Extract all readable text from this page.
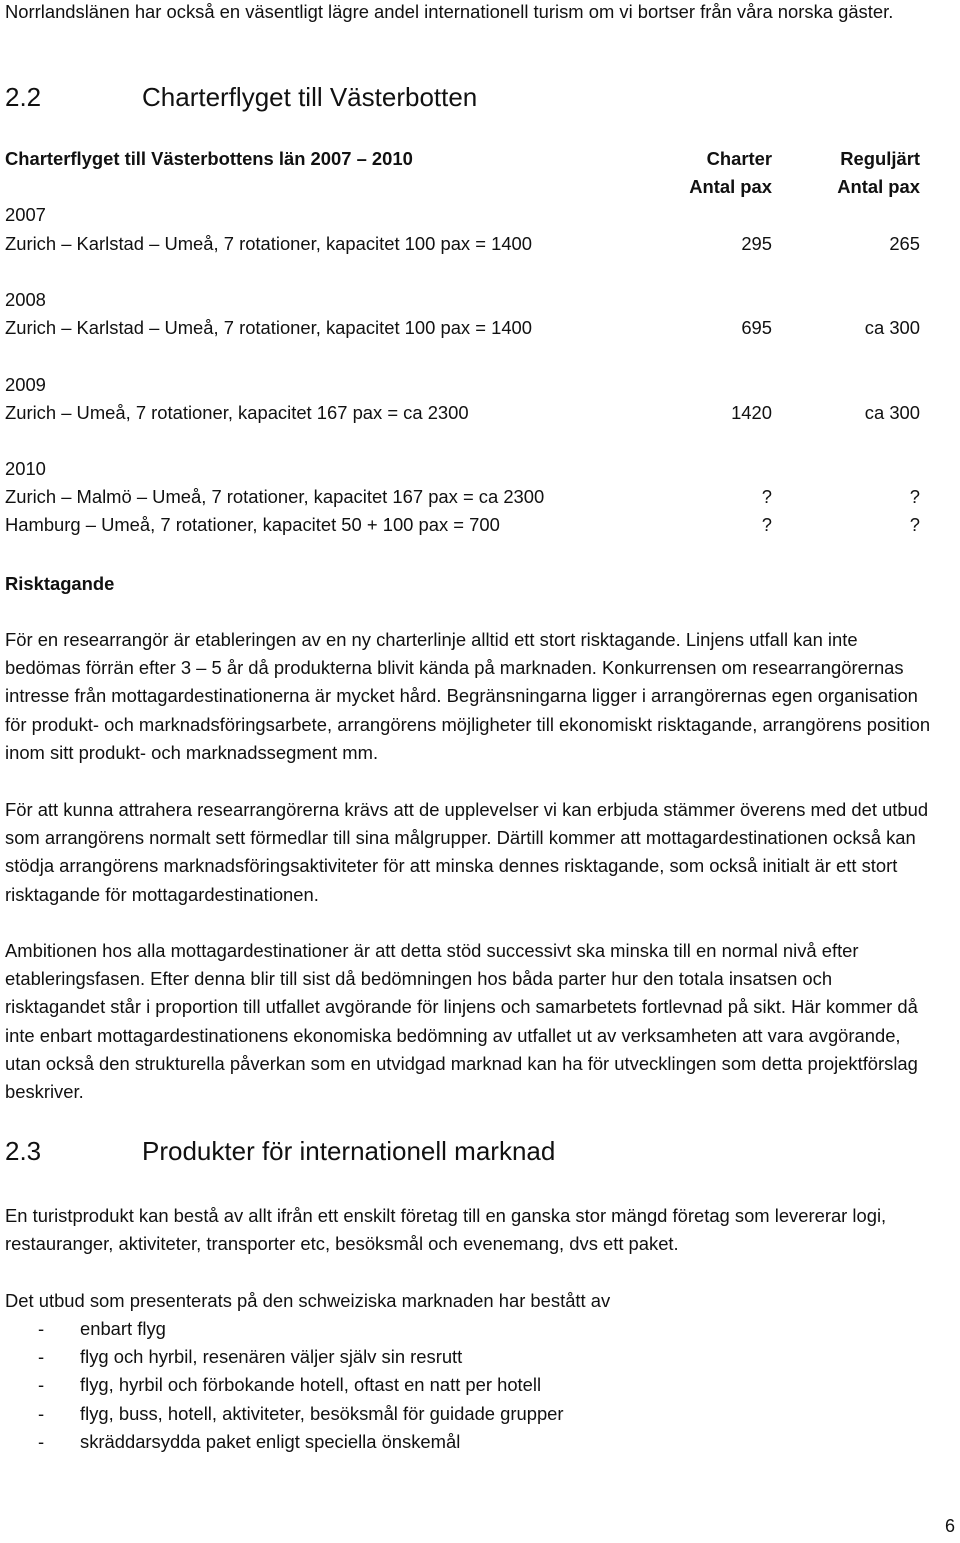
Norrlandslänen har också en väsentligt lägre andel internationell turism om vi bortser från våra norska gäster.

2.2	Charterflyget till Västerbotten
Charterflyget till Västerbottens län 2007 – 2010	Charter	Reguljärt
Antal pax	Antal pax
2007
Zurich – Karlstad – Umeå, 7 rotationer, kapacitet 100 pax = 1400	295	265
2008
Zurich – Karlstad – Umeå, 7 rotationer, kapacitet 100 pax = 1400	695	ca 300
2009
Zurich – Umeå, 7 rotationer, kapacitet 167 pax = ca 2300	1420	ca 300
2010
Zurich – Malmö – Umeå, 7 rotationer, kapacitet 167 pax = ca 2300	?	?
Hamburg – Umeå, 7 rotationer, kapacitet 50 + 100 pax = 700	?	?
Risktagande

För en researrangör är etableringen av en ny charterlinje alltid ett stort risktagande. Linjens utfall kan inte bedömas förrän efter 3 – 5 år då produkterna blivit kända på marknaden. Konkurrensen om researrangörernas intresse från mottagardestinationerna är mycket hård. Begränsningarna ligger i arrangörernas egen organisation för produkt- och marknadsföringsarbete, arrangörens möjligheter till ekonomiskt risktagande, arrangörens position inom sitt produkt- och marknadssegment mm.

För att kunna attrahera researrangörerna krävs att de upplevelser vi kan erbjuda stämmer överens med det utbud som arrangörens normalt sett förmedlar till sina målgrupper. Därtill kommer att mottagardestinationen också kan stödja arrangörens marknadsföringsaktiviteter för att minska dennes risktagande, som också initialt är ett stort risktagande för mottagardestinationen.

Ambitionen hos alla mottagardestinationer är att detta stöd successivt ska minska till en normal nivå efter etableringsfasen. Efter denna blir till sist då bedömningen hos båda parter hur den totala insatsen och risktagandet står i proportion till utfallet avgörande för linjens och samarbetets fortlevnad på sikt. Här kommer då inte enbart mottagardestinationens ekonomiska bedömning av utfallet ut av verksamheten att vara avgörande, utan också den strukturella påverkan som en utvidgad marknad kan ha för utvecklingen som detta projektförslag beskriver.

2.3	Produkter för internationell marknad

En turistprodukt kan bestå av allt ifrån ett enskilt företag till en ganska stor mängd företag som levererar logi, restauranger, aktiviteter, transporter etc, besöksmål och evenemang, dvs ett paket.

Det utbud som presenterats på den schweiziska marknaden har bestått av

- enbart flyg
- flyg och hyrbil, resenären väljer själv sin resrutt
- flyg, hyrbil och förbokande hotell, oftast en natt per hotell
- flyg, buss, hotell, aktiviteter, besöksmål för guidade grupper
- skräddarsydda paket enligt speciella önskemål
6
